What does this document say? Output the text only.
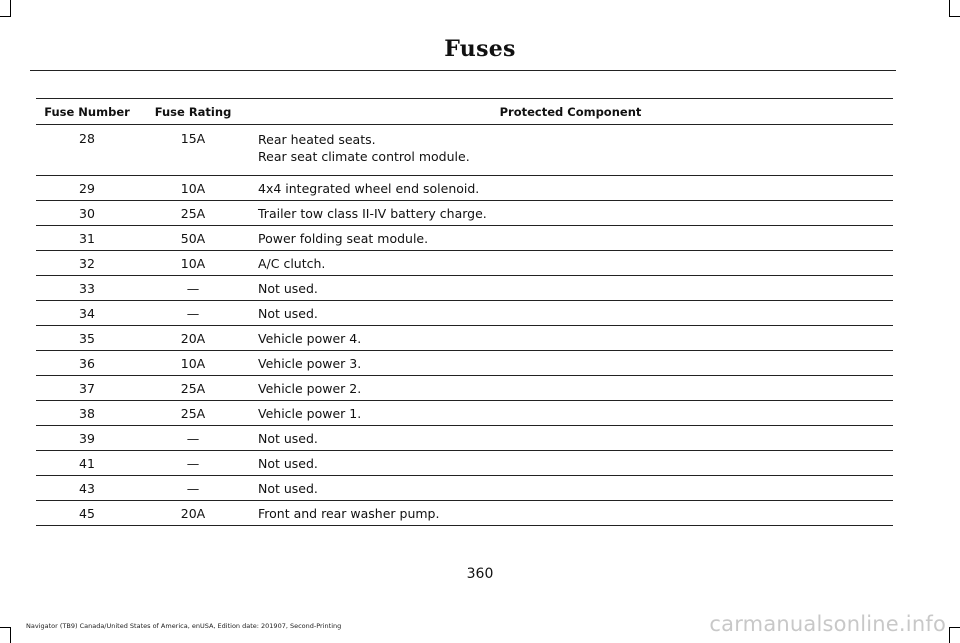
Fuses
Fuse Number	Fuse Rating	Protected Component
28	15A	Rear heated seats.
Rear seat climate control module.

29	10A	4x4 integrated wheel end solenoid.
30	25A	Trailer tow class II-IV battery charge.
31	50A	Power folding seat module.
32	10A	A/C clutch.
33	—	Not used.
34	—	Not used.
35	20A	Vehicle power 4.
36	10A	Vehicle power 3.
37	25A	Vehicle power 2.
38	25A	Vehicle power 1.
39	—	Not used.
41	—	Not used.
43	—	Not used.
45	20A	Front and rear washer pump.
360
Navigator (TB9) Canada/United States of America, enUSA, Edition date: 201907, Second-Printing	carmanualsonline.info
